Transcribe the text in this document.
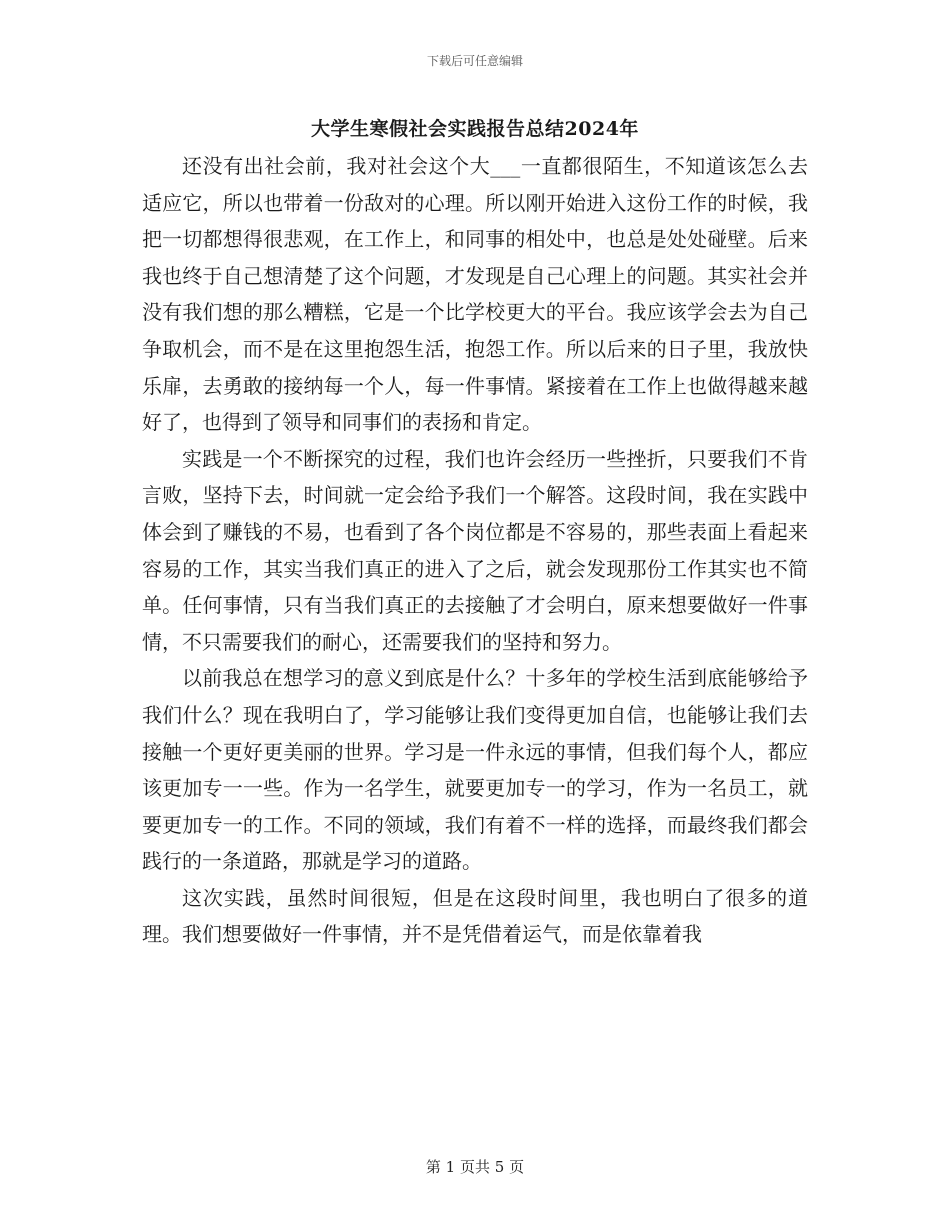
下载后可任意编辑
大学生寒假社会实践报告总结2024年

还没有出社会前，我对社会这个大___一直都很陌生，不知道该怎么去适应它，所以也带着一份敌对的心理。所以刚开始进入这份工作的时候，我把一切都想得很悲观，在工作上，和同事的相处中，也总是处处碰壁。后来我也终于自己想清楚了这个问题，才发现是自己心理上的问题。其实社会并没有我们想的那么糟糕，它是一个比学校更大的平台。我应该学会去为自己争取机会，而不是在这里抱怨生活，抱怨工作。所以后来的日子里，我放快乐扉，去勇敢的接纳每一个人，每一件事情。紧接着在工作上也做得越来越好了，也得到了领导和同事们的表扬和肯定。

实践是一个不断探究的过程，我们也许会经历一些挫折，只要我们不肯言败，坚持下去，时间就一定会给予我们一个解答。这段时间，我在实践中体会到了赚钱的不易，也看到了各个岗位都是不容易的，那些表面上看起来容易的工作，其实当我们真正的进入了之后，就会发现那份工作其实也不简单。任何事情，只有当我们真正的去接触了才会明白，原来想要做好一件事情，不只需要我们的耐心，还需要我们的坚持和努力。

以前我总在想学习的意义到底是什么？十多年的学校生活到底能够给予我们什么？现在我明白了，学习能够让我们变得更加自信，也能够让我们去接触一个更好更美丽的世界。学习是一件永远的事情，但我们每个人，都应该更加专一一些。作为一名学生，就要更加专一的学习，作为一名员工，就要更加专一的工作。不同的领域，我们有着不一样的选择，而最终我们都会践行的一条道路，那就是学习的道路。

这次实践，虽然时间很短，但是在这段时间里，我也明白了很多的道理。我们想要做好一件事情，并不是凭借着运气，而是依靠着我

第 1 页共 5 页
